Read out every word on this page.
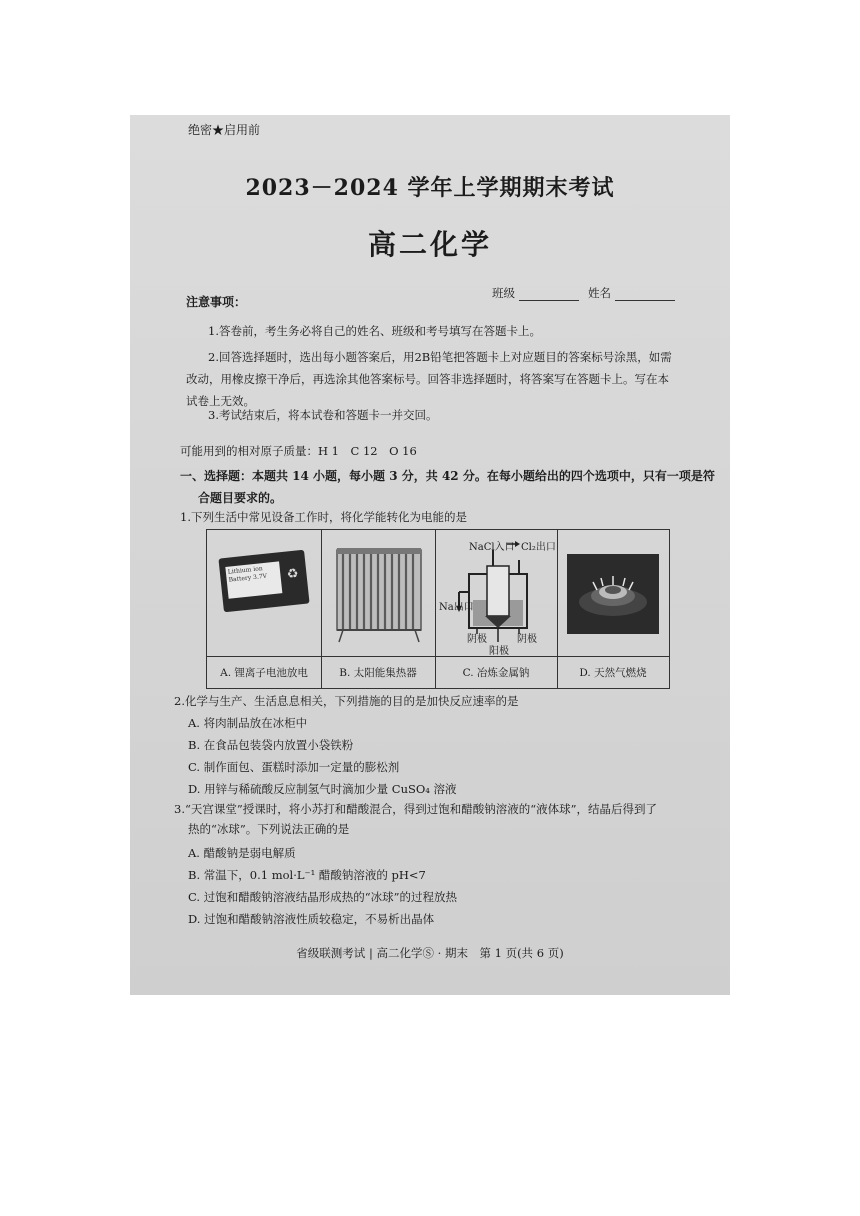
绝密★启用前
2023－2024 学年上学期期末考试
高二化学
班级	姓名
注意事项：
1.答卷前，考生务必将自己的姓名、班级和考号填写在答题卡上。
2.回答选择题时，选出每小题答案后，用2B铅笔把答题卡上对应题目的答案标号涂黑，如需
改动，用橡皮擦干净后，再选涂其他答案标号。回答非选择题时，将答案写在答题卡上。写在本
试卷上无效。
3.考试结束后，将本试卷和答题卡一并交回。
可能用到的相对原子质量：H 1　C 12　O 16
一、选择题：本题共 14 小题，每小题 3 分，共 42 分。在每小题给出的四个选项中，只有一项是符
合题目要求的。
1.下列生活中常见设备工作时，将化学能转化为电能的是
Lithium ion Battery 3.7V	♻
NaCl入口 Cl₂出口
Na出口
阴极	阴极
阳极
A. 锂离子电池放电	B. 太阳能集热器	C. 冶炼金属钠	D. 天然气燃烧
2.化学与生产、生活息息相关，下列措施的目的是加快反应速率的是
A. 将肉制品放在冰柜中
B. 在食品包装袋内放置小袋铁粉
C. 制作面包、蛋糕时添加一定量的膨松剂
D. 用锌与稀硫酸反应制氢气时滴加少量 CuSO₄ 溶液
3.“天宫课堂”授课时，将小苏打和醋酸混合，得到过饱和醋酸钠溶液的“液体球”，结晶后得到了
热的“冰球”。下列说法正确的是
A. 醋酸钠是弱电解质
B. 常温下，0.1 mol·L⁻¹ 醋酸钠溶液的 pH<7
C. 过饱和醋酸钠溶液结晶形成热的“冰球”的过程放热
D. 过饱和醋酸钠溶液性质较稳定，不易析出晶体
省级联测考试 | 高二化学Ⓢ · 期末　第 1 页(共 6 页)
